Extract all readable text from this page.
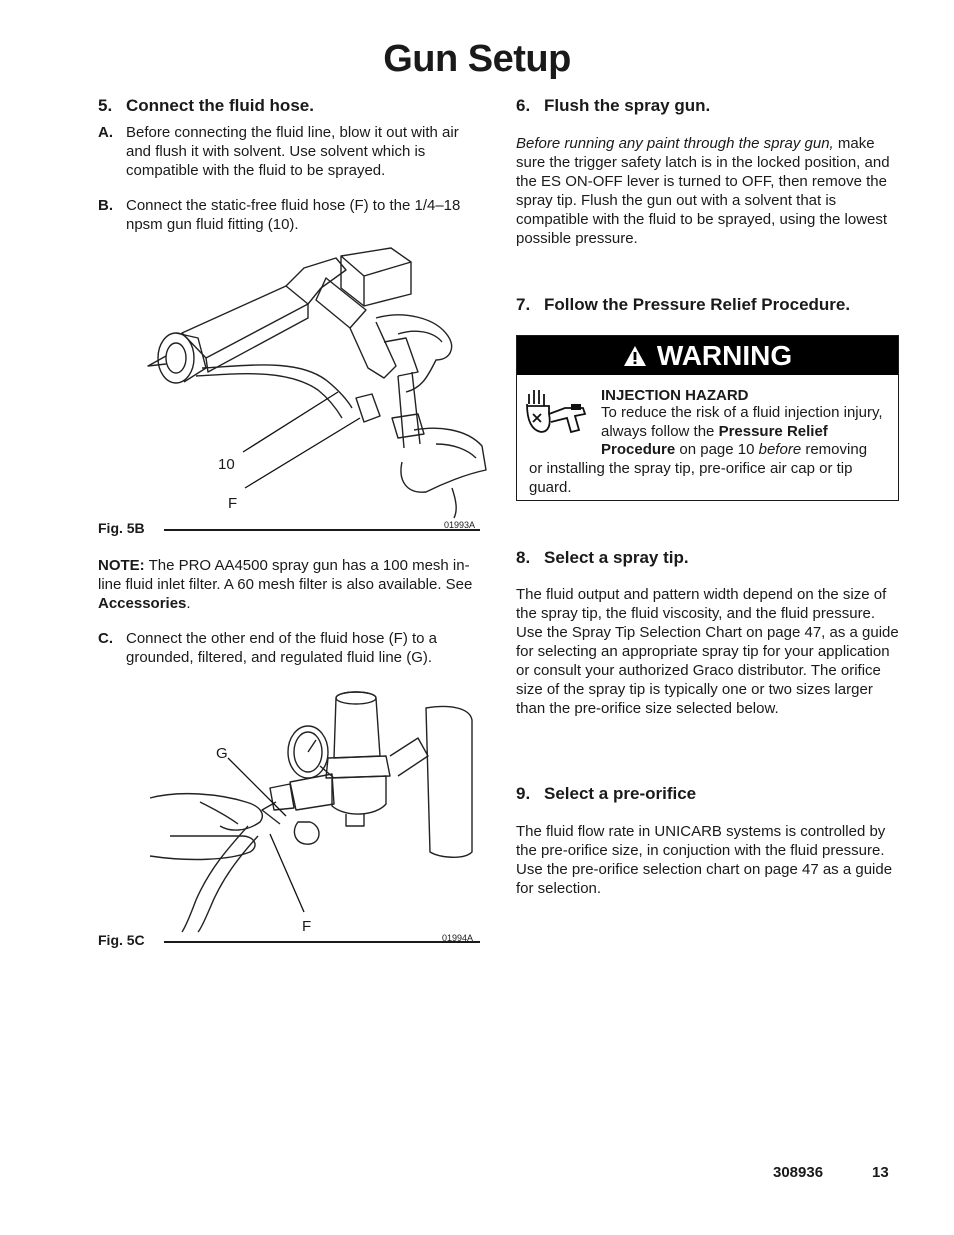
Gun Setup
5. Connect the fluid hose.
A. Before connecting the fluid line, blow it out with air and flush it with solvent. Use solvent which is compatible with the fluid to be sprayed.
B. Connect the static-free fluid hose (F) to the 1/4–18 npsm gun fluid fitting (10).
10
F
Fig. 5B	01993A
NOTE: The PRO AA4500 spray gun has a 100 mesh in-line fluid inlet filter. A 60 mesh filter is also available. See Accessories.
C. Connect the other end of the fluid hose (F) to a grounded, filtered, and regulated fluid line (G).
G
F
Fig. 5C	01994A
6. Flush the spray gun.
Before running any paint through the spray gun, make sure the trigger safety latch is in the locked position, and the ES ON-OFF lever is turned to OFF, then remove the spray tip. Flush the gun out with a solvent that is compatible with the fluid to be sprayed, using the lowest possible pressure.
7. Follow the Pressure Relief Procedure.
WARNING
INJECTION HAZARD
To reduce the risk of a fluid injection injury, always follow the Pressure Relief Procedure on page 10 before removing
or installing the spray tip, pre-orifice air cap or tip guard.
8. Select a spray tip.
The fluid output and pattern width depend on the size of the spray tip, the fluid viscosity, and the fluid pressure. Use the Spray Tip Selection Chart on page 47, as a guide for selecting an appropriate spray tip for your application or consult your authorized Graco distributor. The orifice size of the spray tip is typically one or two sizes larger than the pre-orifice size selected below.
9. Select a pre-orifice
The fluid flow rate in UNICARB systems is controlled by the pre-orifice size, in conjuction with the fluid pressure. Use the pre-orifice selection chart on page 47 as a guide for selection.
308936	13
